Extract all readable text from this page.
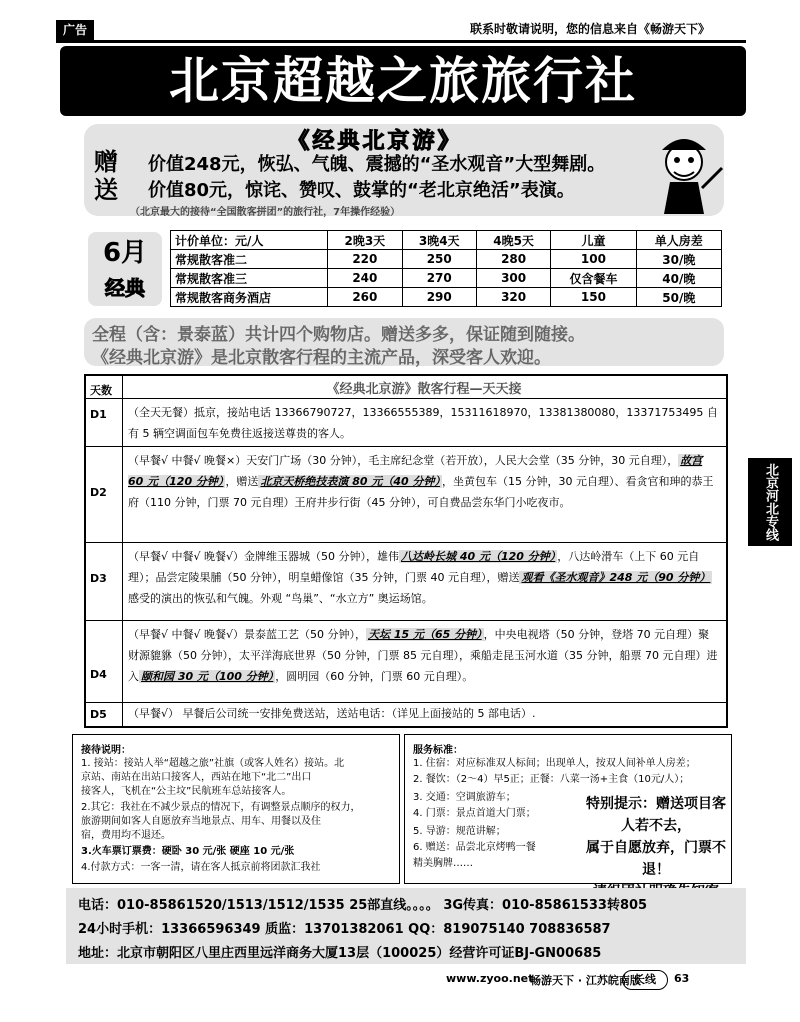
广告	联系时敬请说明，您的信息来自《畅游天下》
北京超越之旅旅行社
《经典北京游》
赠送
价值248元，恢弘、气魄、震撼的“圣水观音”大型舞剧。
价值80元，惊诧、赞叹、鼓掌的“老北京绝活”表演。
（北京最大的接待“全国散客拼团”的旅行社，7年操作经验）
6月
经典
计价单位：元/人	2晚3天	3晚4天	4晚5天	儿童	单人房差
常规散客准二	220	250	280	100	30/晚
常规散客准三	240	270	300	仅含餐车	40/晚
常规散客商务酒店	260	290	320	150	50/晚
全程（含：景泰蓝）共计四个购物店。赠送多多，保证随到随接。
《经典北京游》是北京散客行程的主流产品，深受客人欢迎。
天数	《经典北京游》散客行程—天天接
D1 （全天无餐）抵京，接站电话 13366790727，13366555389，15311618970，13381380080，13371753495 自有 5 辆空调面包车免费往返接送尊贵的客人。
D2
（早餐√ 中餐√ 晚餐×）天安门广场（30 分钟），毛主席纪念堂（若开放），人民大会堂（35 分钟，30 元自理）， 故宫 60 元（120 分钟） ，赠送 北京天桥绝技表演 80 元（40 分钟） ，坐黄包车（15 分钟，30 元自理）、看贪官和珅的恭王府（110 分钟，门票 70 元自理）王府井步行街（45 分钟），可自费品尝东华门小吃夜市。
D3
（早餐√ 中餐√ 晚餐√）金牌维玉器城（50 分钟），雄伟 八达岭长城 40 元（120 分钟） ，八达岭滑车（上下 60 元自理）；品尝定陵果脯（50 分钟），明皇蜡像馆（35 分钟，门票 40 元自理），赠送 观看《圣水观音》248 元（90 分钟）感受的演出的恢弘和气魄。外观 “鸟巢”、“水立方” 奥运场馆。
D4
（早餐√ 中餐√ 晚餐√）景泰蓝工艺（50 分钟）， 天坛 15 元（65 分钟） ，中央电视塔（50 分钟，登塔 70 元自理）聚财源貔貅（50 分钟），太平洋海底世界（50 分钟，门票 85 元自理），乘船走昆玉河水道（35 分钟，船票 70 元自理）进入 颐和园 30 元（100 分钟） ，圆明园（60 分钟，门票 60 元自理）。
D5 （早餐√） 早餐后公司统一安排免费送站，送站电话：（详见上面接站的 5 部电话）.
北京河北专线
接待说明：
1. 接站：接站人举“超越之旅”社旗（或客人姓名）接站。北
京站、南站在出站口接客人，西站在地下“北二”出口
接客人，飞机在“公主坟”民航班车总站接客人。
2.其它：我社在不减少景点的情况下，有调整景点顺序的权力，
旅游期间如客人自愿放弃当地景点、用车、用餐以及住
宿，费用均不退还。
3.火车票订票费：硬卧 30 元/张 硬座 10 元/张
4.付款方式：一客一清，请在客人抵京前将团款汇我社
服务标准：
1. 住宿：对应标准双人标间；出现单人，按双人间补单人房差；
2. 餐饮：（2～4）早5正；正餐：八菜一汤+主食（10元/人）；
3. 交通：空调旅游车；
4. 门票：景点首道大门票；
5. 导游：规范讲解；
6. 赠送：品尝北京烤鸭一餐
精美胸牌……
特别提示：赠送项目客人若不去，
属于自愿放弃，门票不退！
电话：010-85861520/1513/1512/1535 25部直线。。。。 3G传真：010-85861533转805
24小时手机：13366596349 质监：13701382061 QQ：819075140 708836587
地址：北京市朝阳区八里庄西里远洋商务大厦13层（100025）经营许可证BJ-GN00685
www.zyoo.net
畅游天下 · 江苏皖南版
长线	63
